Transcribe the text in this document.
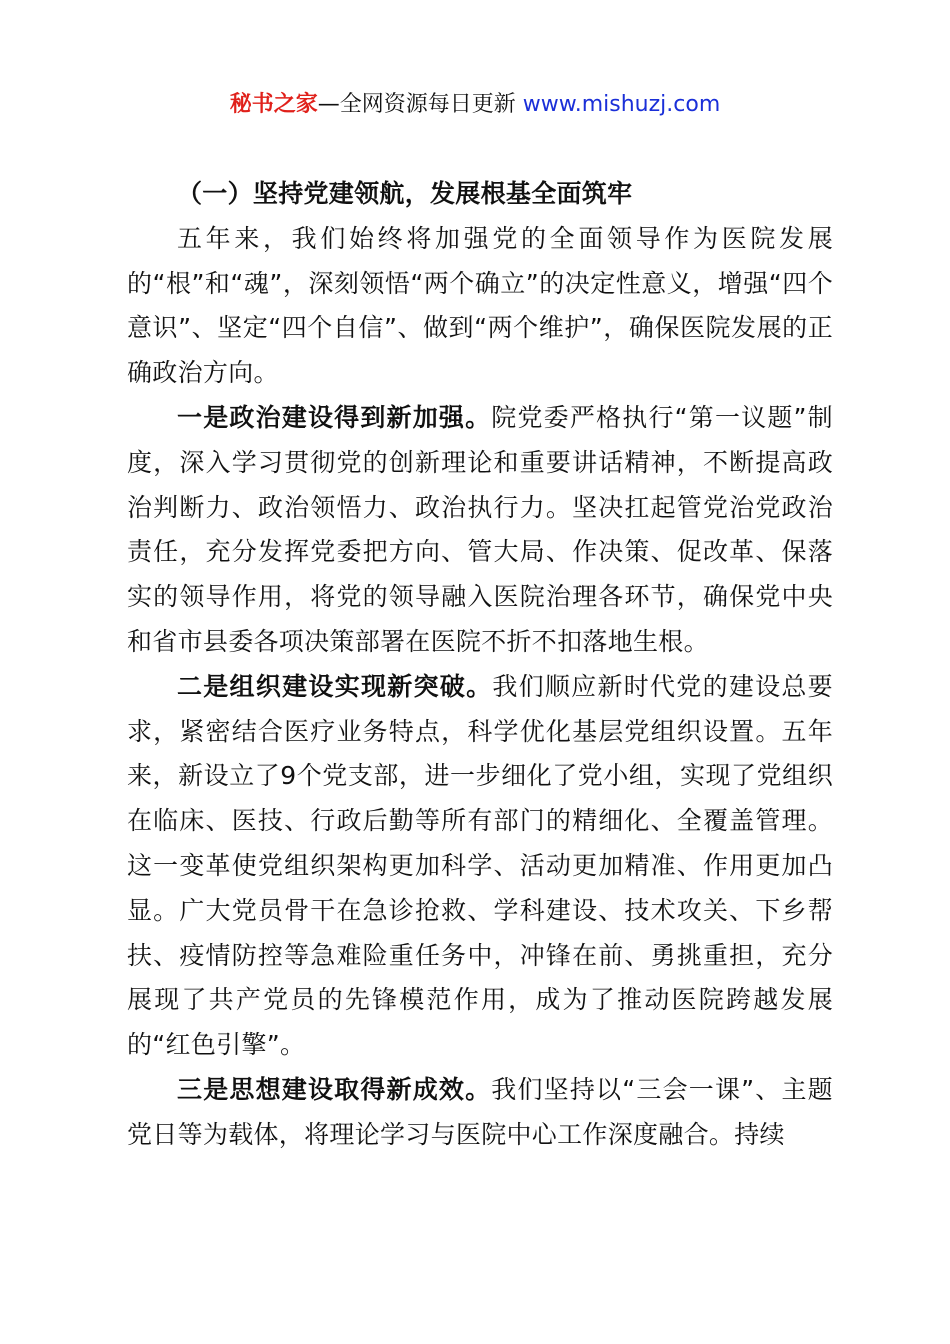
秘书之家—全网资源每日更新 www.mishuzj.com

（一）坚持党建领航，发展根基全面筑牢

五年来，我们始终将加强党的全面领导作为医院发展的“根”和“魂”，深刻领悟“两个确立”的决定性意义，增强“四个意识”、坚定“四个自信”、做到“两个维护”，确保医院发展的正确政治方向。

一是政治建设得到新加强。院党委严格执行“第一议题”制度，深入学习贯彻党的创新理论和重要讲话精神，不断提高政治判断力、政治领悟力、政治执行力。坚决扛起管党治党政治责任，充分发挥党委把方向、管大局、作决策、促改革、保落实的领导作用，将党的领导融入医院治理各环节，确保党中央和省市县委各项决策部署在医院不折不扣落地生根。

二是组织建设实现新突破。我们顺应新时代党的建设总要求，紧密结合医疗业务特点，科学优化基层党组织设置。五年来，新设立了9个党支部，进一步细化了党小组，实现了党组织在临床、医技、行政后勤等所有部门的精细化、全覆盖管理。这一变革使党组织架构更加科学、活动更加精准、作用更加凸显。广大党员骨干在急诊抢救、学科建设、技术攻关、下乡帮扶、疫情防控等急难险重任务中，冲锋在前、勇挑重担，充分展现了共产党员的先锋模范作用，成为了推动医院跨越发展的“红色引擎”。

三是思想建设取得新成效。我们坚持以“三会一课”、主题党日等为载体，将理论学习与医院中心工作深度融合。持续
